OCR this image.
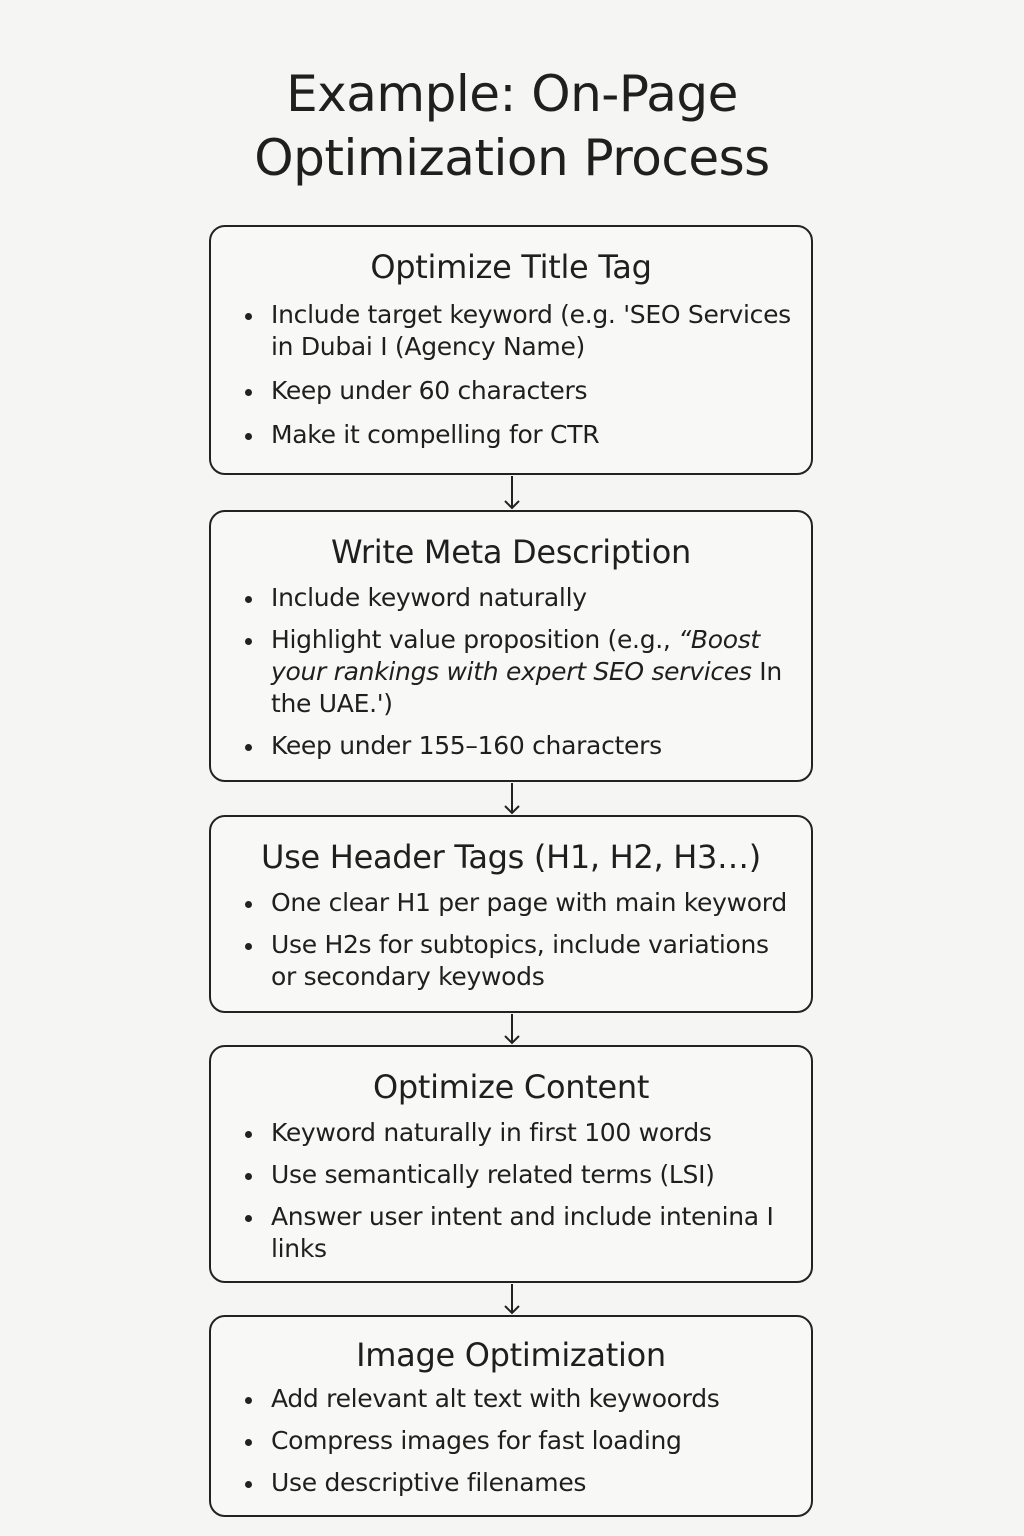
Example: On-Page
Optimization Process
Optimize Title Tag
Include target keyword (e.g. 'SEO Services in Dubai I (Agency Name)
Keep under 60 characters
Make it compelling for CTR
Write Meta Description
Include keyword naturally
Highlight value proposition (e.g., “Boost your rankings with expert SEO services In the UAE.')
Keep under 155–160 characters
Use Header Tags (H1, H2, H3…)
One clear H1 per page with main keyword
Use H2s for subtopics, include variations or secondary keywods
Optimize Content
Keyword naturally in first 100 words
Use semantically related terms (LSI)
Answer user intent and include intenina I links
Image Optimization
Add relevant alt text with keywoords
Compress images for fast loading
Use descriptive filenames
